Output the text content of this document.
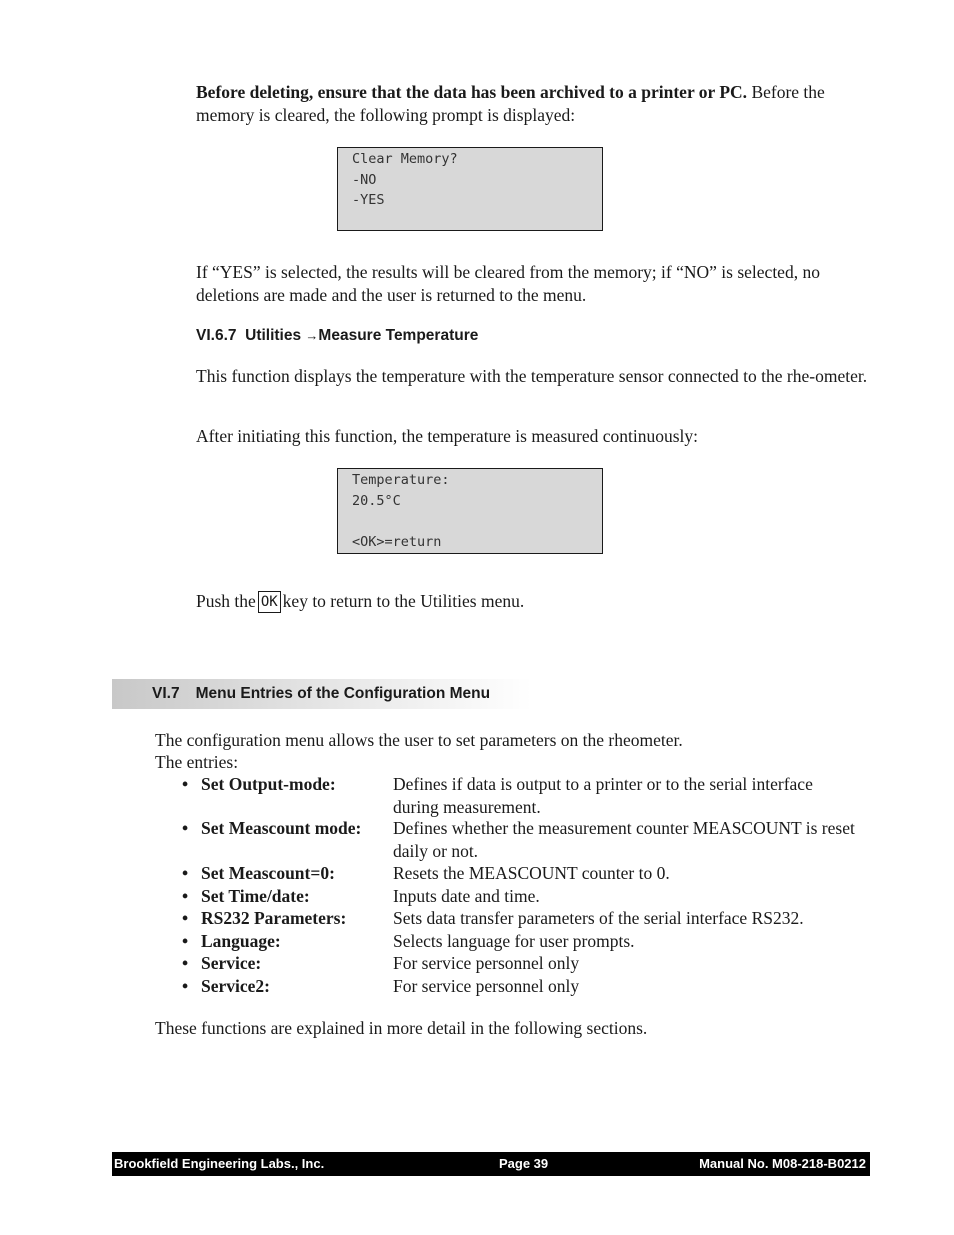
Before deleting, ensure that the data has been archived to a printer or PC. Before the memory is cleared, the following prompt is displayed:

Clear Memory?
-NO
-YES

If “YES” is selected, the results will be cleared from the memory; if “NO” is selected, no deletions are made and the user is returned to the menu.

VI.6.7 Utilities →Measure Temperature

This function displays the temperature with the temperature sensor connected to the rhe-ometer.

After initiating this function, the temperature is measured continuously:

Temperature:
20.5°C
<OK>=return

Push the OK key to return to the Utilities menu.

VI.7 Menu Entries of the Configuration Menu

The configuration menu allows the user to set parameters on the rheometer.

The entries:

• Set Output-mode:	Defines if data is output to a printer or to the serial interface during measurement.
• Set Meascount mode: Defines whether the measurement counter MEASCOUNT is reset daily or not.
• Set Meascount=0:	Resets the MEASCOUNT counter to 0.
• Set Time/date:	Inputs date and time.
• RS232 Parameters:	Sets data transfer parameters of the serial interface RS232.
• Language:	Selects language for user prompts.
• Service:	For service personnel only
• Service2:	For service personnel only

These functions are explained in more detail in the following sections.

Brookfield Engineering Labs., Inc.	Page 39	Manual No. M08-218-B0212
